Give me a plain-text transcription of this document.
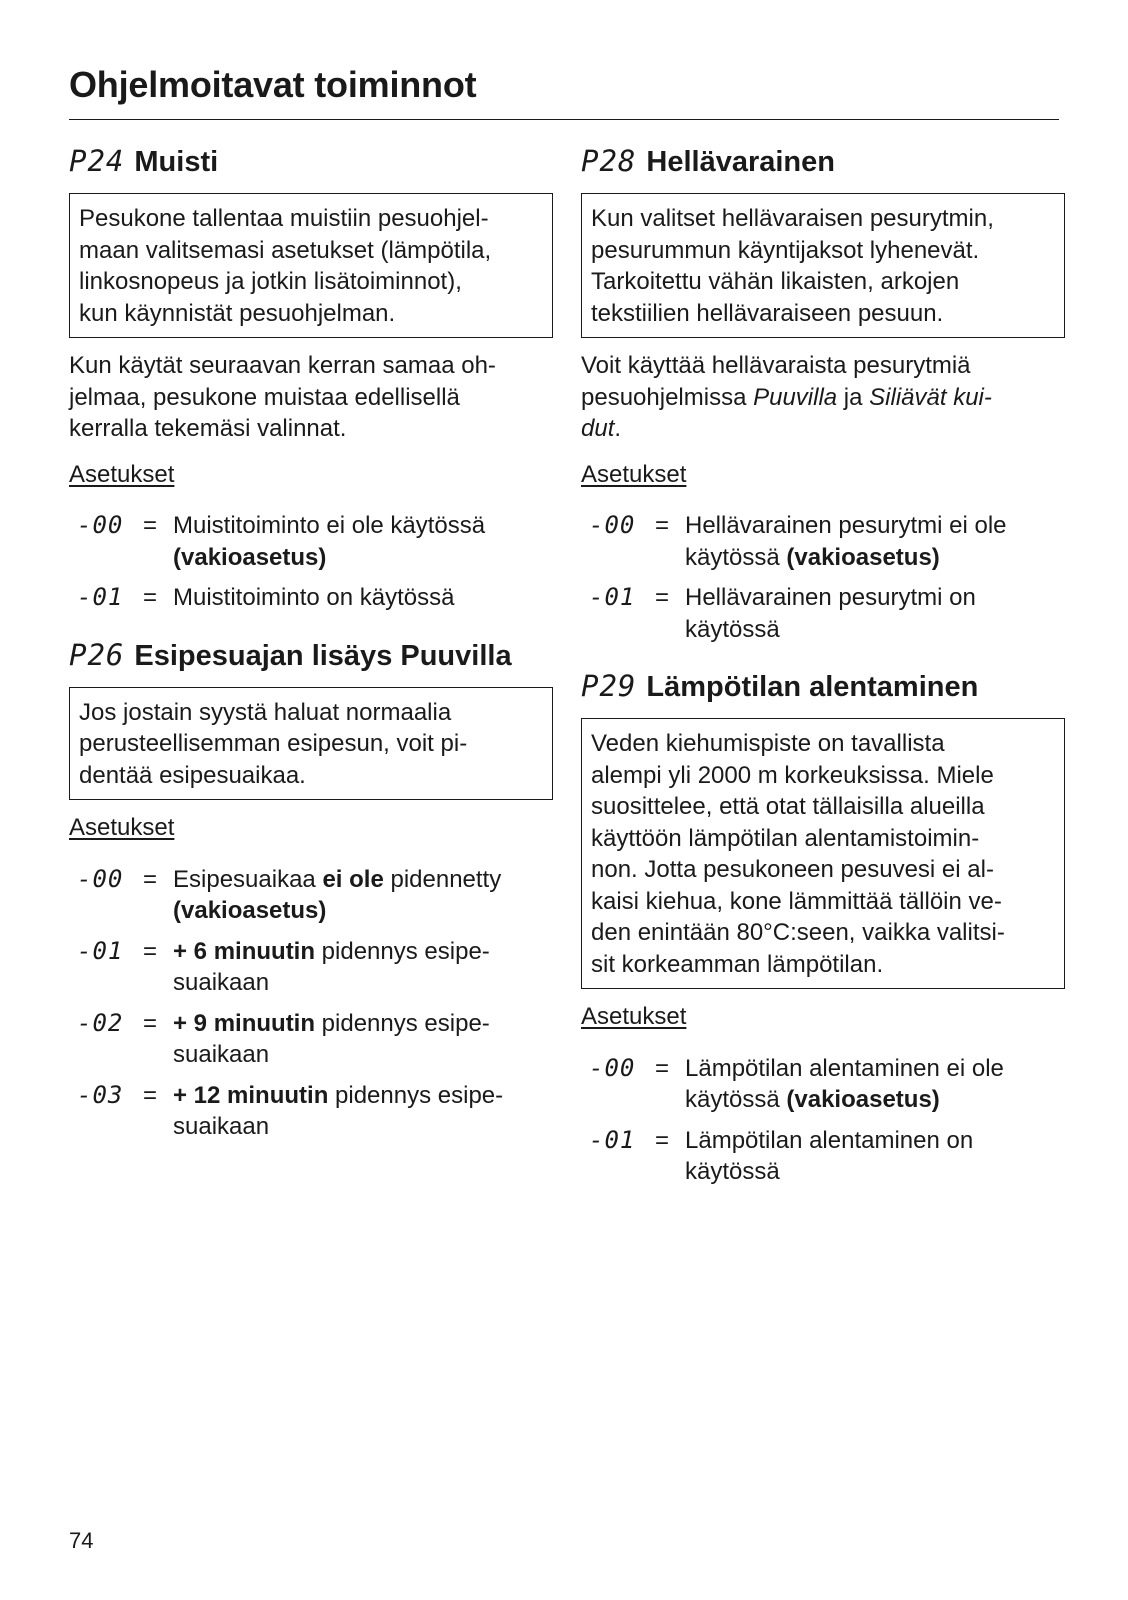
Ohjelmoitavat toiminnot
P24 Muisti
Pesukone tallentaa muistiin pesuohjel-
maan valitsemasi asetukset (lämpötila,
linkosnopeus ja jotkin lisätoiminnot),
kun käynnistät pesuohjelman.
Kun käytät seuraavan kerran samaa oh-
jelmaa, pesukone muistaa edellisellä
kerralla tekemäsi valinnat.
Asetukset
-00 = Muistitoiminto ei ole käytössä
(vakioasetus)
-01 = Muistitoiminto on käytössä
P26 Esipesuajan lisäys Puuvilla
Jos jostain syystä haluat normaalia
perusteellisemman esipesun, voit pi-
dentää esipesuaikaa.
Asetukset
-00 = Esipesuaikaa ei ole pidennetty
(vakioasetus)
-01 = + 6 minuutin pidennys esipe-
suaikaan
-02 = + 9 minuutin pidennys esipe-
suaikaan
-03 = + 12 minuutin pidennys esipe-
suaikaan
P28 Hellävarainen
Kun valitset hellävaraisen pesurytmin,
pesurummun käyntijaksot lyhenevät.
Tarkoitettu vähän likaisten, arkojen
tekstiilien hellävaraiseen pesuun.
Voit käyttää hellävaraista pesurytmiä
pesuohjelmissa Puuvilla ja Siliävät kui-
dut.
Asetukset
-00 = Hellävarainen pesurytmi ei ole
käytössä (vakioasetus)
-01 = Hellävarainen pesurytmi on
käytössä
P29 Lämpötilan alentaminen
Veden kiehumispiste on tavallista
alempi yli 2000 m korkeuksissa. Miele
suosittelee, että otat tällaisilla alueilla
käyttöön lämpötilan alentamistoimin-
non. Jotta pesukoneen pesuvesi ei al-
kaisi kiehua, kone lämmittää tällöin ve-
den enintään 80°C:seen, vaikka valitsi-
sit korkeamman lämpötilan.
Asetukset
-00 = Lämpötilan alentaminen ei ole
käytössä (vakioasetus)
-01 = Lämpötilan alentaminen on
käytössä
74
